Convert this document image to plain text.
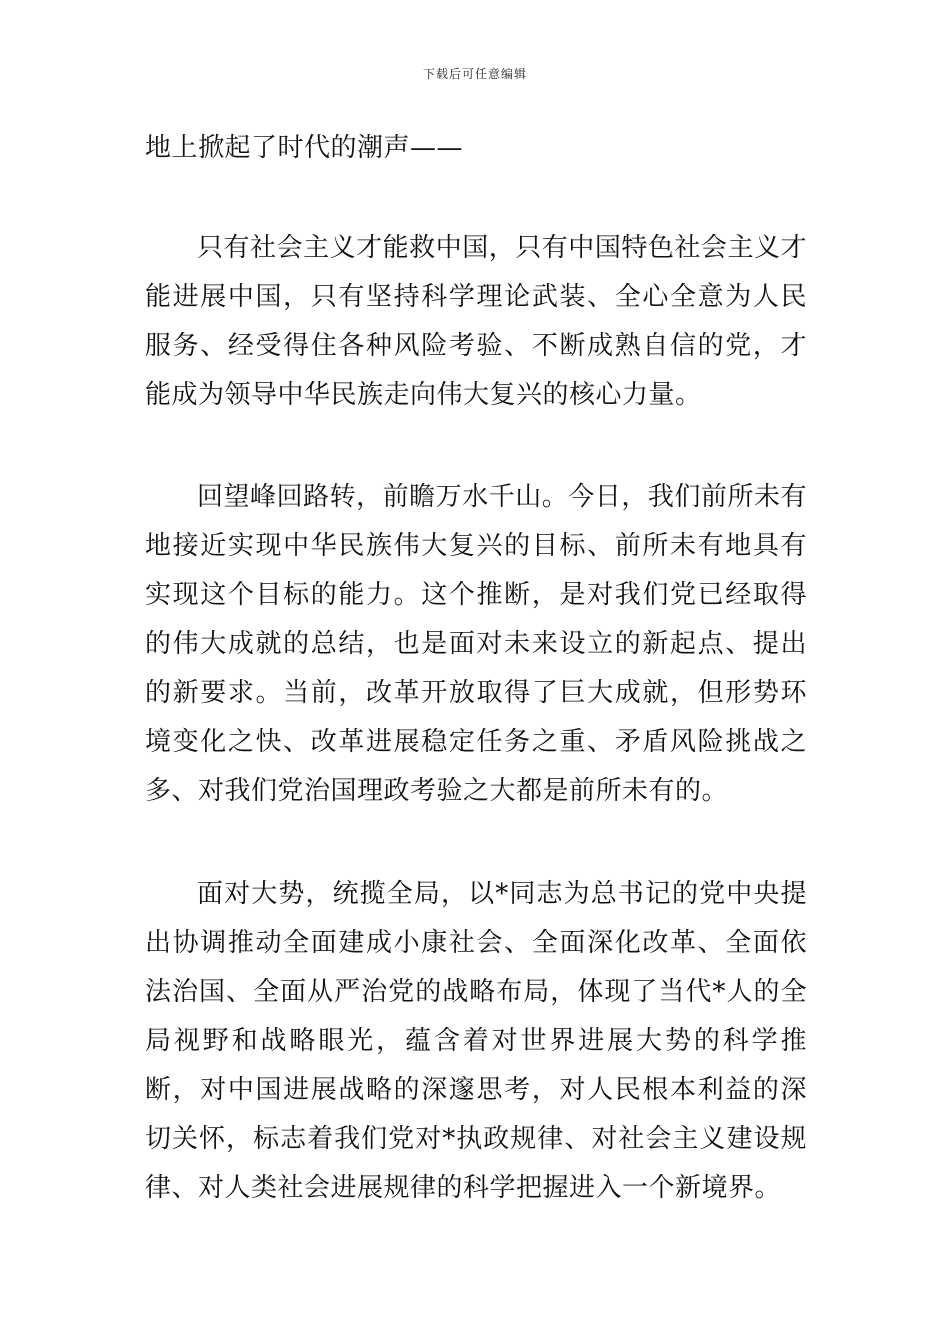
下载后可任意编辑

地上掀起了时代的潮声——

只有社会主义才能救中国，只有中国特色社会主义才能进展中国，只有坚持科学理论武装、全心全意为人民服务、经受得住各种风险考验、不断成熟自信的党，才能成为领导中华民族走向伟大复兴的核心力量。

回望峰回路转，前瞻万水千山。今日，我们前所未有地接近实现中华民族伟大复兴的目标、前所未有地具有实现这个目标的能力。这个推断，是对我们党已经取得的伟大成就的总结，也是面对未来设立的新起点、提出的新要求。当前，改革开放取得了巨大成就，但形势环境变化之快、改革进展稳定任务之重、矛盾风险挑战之多、对我们党治国理政考验之大都是前所未有的。

面对大势，统揽全局，以*同志为总书记的党中央提出协调推动全面建成小康社会、全面深化改革、全面依法治国、全面从严治党的战略布局，体现了当代*人的全局视野和战略眼光，蕴含着对世界进展大势的科学推断，对中国进展战略的深邃思考，对人民根本利益的深切关怀，标志着我们党对*执政规律、对社会主义建设规律、对人类社会进展规律的科学把握进入一个新境界。
